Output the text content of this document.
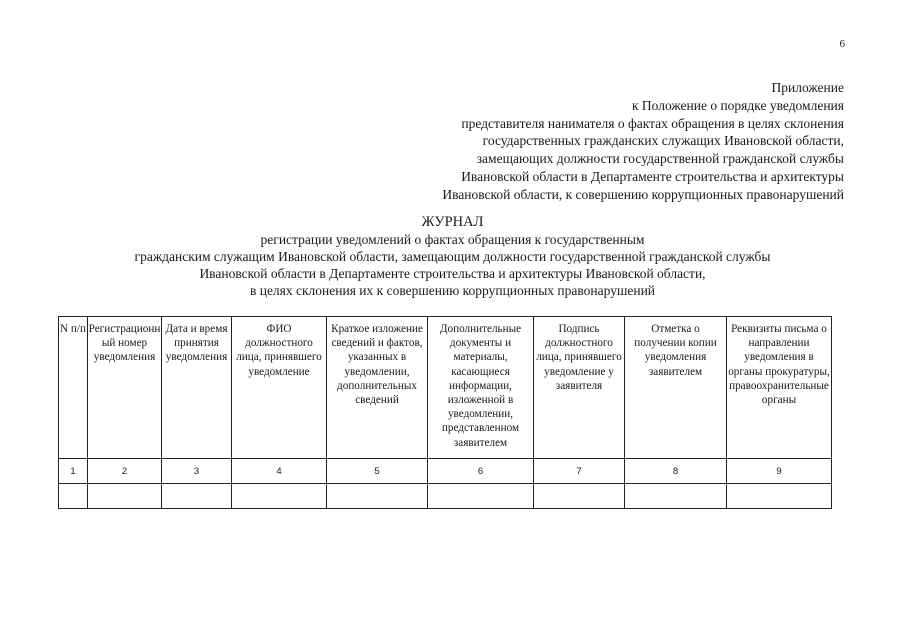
6
Приложение
к Положение о порядке уведомления
представителя нанимателя о фактах обращения в целях склонения
государственных гражданских служащих Ивановской области,
замещающих должности государственной гражданской службы
Ивановской области в Департаменте строительства и архитектуры
Ивановской области, к совершению коррупционных правонарушений
ЖУРНАЛ
регистрации уведомлений о фактах обращения к государственным
гражданским служащим Ивановской области, замещающим должности государственной гражданской службы
Ивановской области в Департаменте строительства и архитектуры Ивановской области,
в целях склонения их к совершению коррупционных правонарушений
N п/п	Регистрационный номер уведомления	Дата и время принятия уведомления	ФИО должностного лица, принявшего уведомление	Краткое изложение сведений и фактов, указанных в уведомлении, дополнительных сведений	Дополнительные документы и материалы, касающиеся информации, изложенной в уведомлении, представленном заявителем	Подпись должностного лица, принявшего уведомление у заявителя	Отметка о получении копии уведомления заявителем	Реквизиты письма о направлении уведомления в органы прокуратуры, правоохранительные органы
1	2	3	4	5	6	7	8	9
